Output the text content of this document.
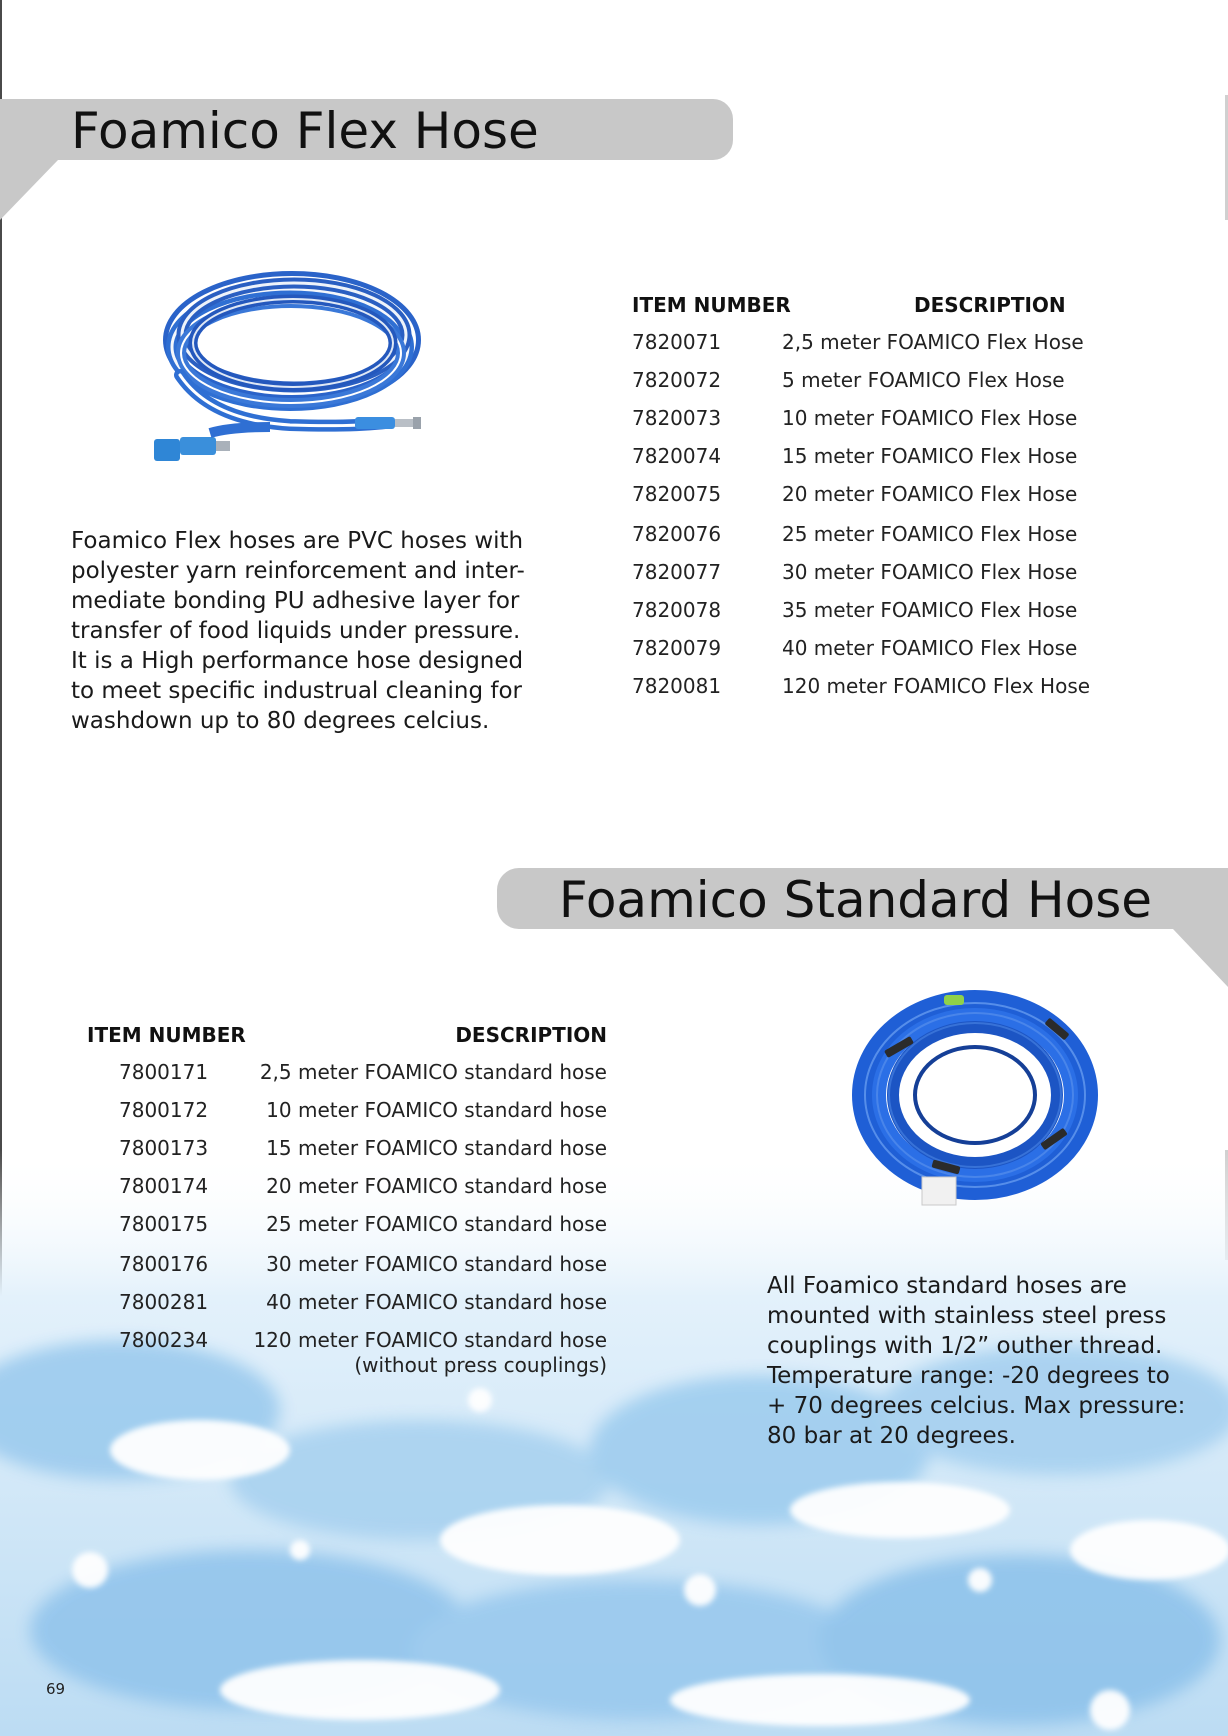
Foamico Flex Hose

Foamico Flex hoses are PVC hoses with polyester yarn reinforcement and inter-mediate bonding PU adhesive layer for transfer of food liquids under pressure. It is a High performance hose designed to meet specific industrual cleaning for washdown up to 80 degrees celcius.

ITEM NUMBER	DESCRIPTION
7820071	2,5 meter FOAMICO Flex Hose
7820072	5 meter FOAMICO Flex Hose
7820073	10 meter FOAMICO Flex Hose
7820074	15 meter FOAMICO Flex Hose
7820075	20 meter FOAMICO Flex Hose
7820076	25 meter FOAMICO Flex Hose
7820077	30 meter FOAMICO Flex Hose
7820078	35 meter FOAMICO Flex Hose
7820079	40 meter FOAMICO Flex Hose
7820081	120 meter FOAMICO Flex Hose
Foamico Standard Hose
ITEM NUMBER	DESCRIPTION
7800171	2,5 meter FOAMICO standard hose
7800172	10 meter FOAMICO standard hose
7800173	15 meter FOAMICO standard hose
7800174	20 meter FOAMICO standard hose
7800175	25 meter FOAMICO standard hose
7800176	30 meter FOAMICO standard hose
7800281	40 meter FOAMICO standard hose
7800234 120 meter FOAMICO standard hose
(without press couplings)

All Foamico standard hoses are mounted with stainless steel press couplings with 1/2” outher thread. Temperature range: -20 degrees to + 70 degrees celcius. Max pressure: 80 bar at 20 degrees.

69
